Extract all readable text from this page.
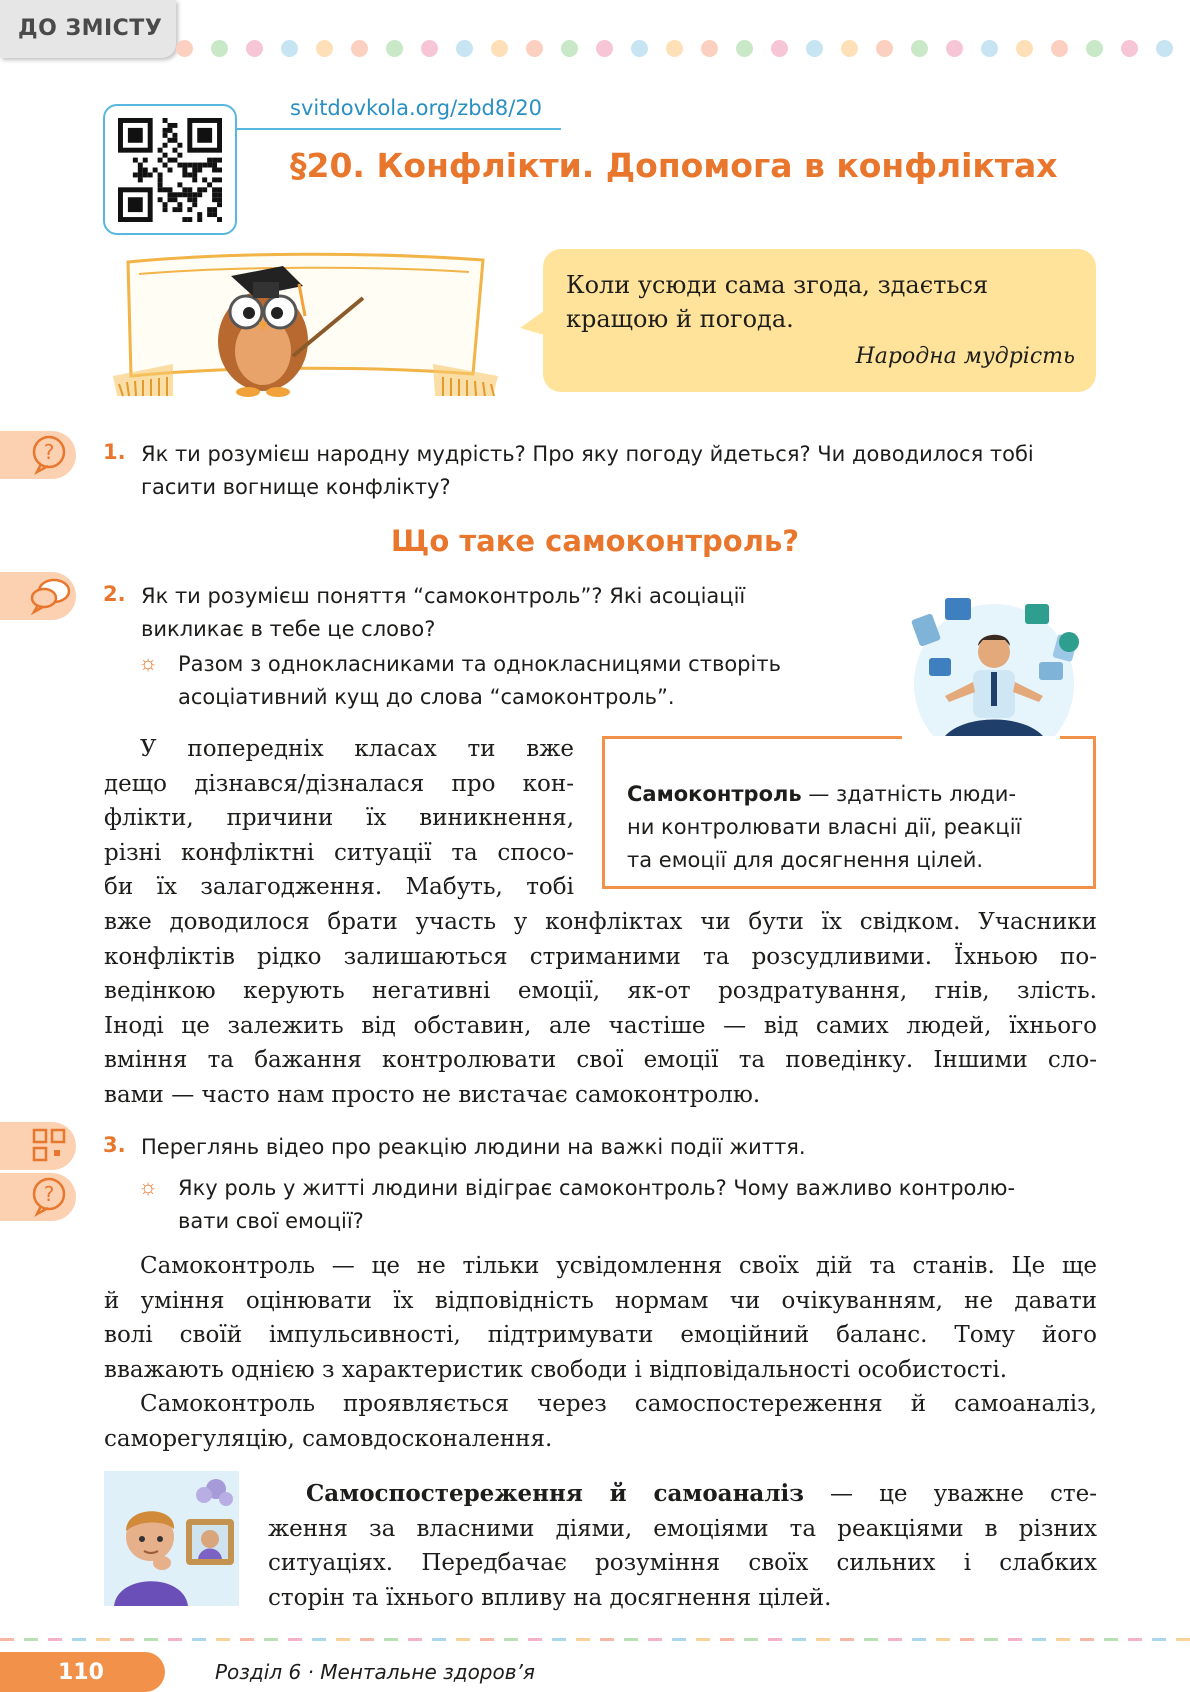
ДО ЗМІСТУ
svitdovkola.org/zbd8/20
§20. Конфлікти. Допомога в конфліктах
Коли усюди сама згода, здається
кращою й погода.
Народна мудрість
?
?
1. Як ти розумієш народну мудрість? Про яку погоду йдеться? Чи доводилося тобі
гасити вогнище конфлікту?
Що таке самоконтроль?
2. Як ти розумієш поняття “самоконтроль”? Які асоціації
викликає в тебе це слово?
☼ Разом з однокласниками та однокласницями створіть
асоціативний кущ до слова “самоконтроль”.
У попередніх класах ти вже
дещо дізнався/дізналася про кон-
флікти, причини їх виникнення,
різні конфліктні ситуації та спосо-
би їх залагодження. Мабуть, тобі
Самоконтроль — здатність люди-
ни контролювати власні дії, реакції
та емоції для досягнення цілей.
вже доводилося брати участь у конфліктах чи бути їх свідком. Учасники
конфліктів рідко залишаються стриманими та розсудливими. Їхньою по-
ведінкою керують негативні емоції, як-от роздратування, гнів, злість.
Іноді це залежить від обставин, але частіше — від самих людей, їхнього
вміння та бажання контролювати свої емоції та поведінку. Іншими сло-
вами — часто нам просто не вистачає самоконтролю.
3. Переглянь відео про реакцію людини на важкі події життя.
☼ Яку роль у житті людини відіграє самоконтроль? Чому важливо контролю-
вати свої емоції?
Самоконтроль — це не тільки усвідомлення своїх дій та станів. Це ще
й уміння оцінювати їх відповідність нормам чи очікуванням, не давати
волі своїй імпульсивності, підтримувати емоційний баланс. Тому його
вважають однією з характеристик свободи і відповідальності особистості.
Самоконтроль проявляється через самоспостереження й самоаналіз,
саморегуляцію, самовдосконалення.
Самоспостереження й самоаналіз — це уважне сте-
ження за власними діями, емоціями та реакціями в різних
ситуаціях. Передбачає розуміння своїх сильних і слабких
сторін та їхнього впливу на досягнення цілей.
110	Розділ 6 · Ментальне здоров’я
